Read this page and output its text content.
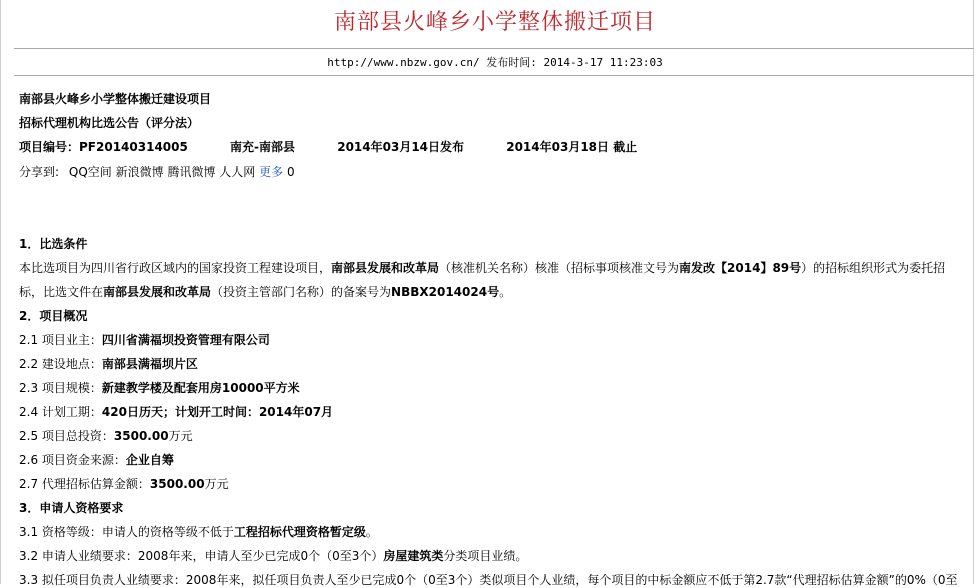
南部县火峰乡小学整体搬迁项目
http://www.nbzw.gov.cn/ 发布时间: 2014-3-17 11:23:03
南部县火峰乡小学整体搬迁建设项目
招标代理机构比选公告（评分法）
项目编号：PF20140314005	南充-南部县	2014年03月14日发布	2014年03月18日 截止
分享到: QQ空间 新浪微博 腾讯微博 人人网 更多 0
1．比选条件
本比选项目为四川省行政区域内的国家投资工程建设项目，南部县发展和改革局（核准机关名称）核准（招标事项核准文号为南发改【2014】89号）的招标组织形式为委托招标，比选文件在南部县发展和改革局（投资主管部门名称）的备案号为NBBX2014024号。
2．项目概况
2.1 项目业主：四川省满福坝投资管理有限公司
2.2 建设地点：南部县满福坝片区
2.3 项目规模：新建教学楼及配套用房10000平方米
2.4 计划工期：420日历天；计划开工时间：2014年07月
2.5 项目总投资：3500.00万元
2.6 项目资金来源：企业自筹
2.7 代理招标估算金额：3500.00万元
3．申请人资格要求
3.1 资格等级：申请人的资格等级不低于工程招标代理资格暂定级。
3.2 申请人业绩要求：2008年来，申请人至少已完成0个（0至3个）房屋建筑类分类项目业绩。
3.3 拟任项目负责人业绩要求：2008年来，拟任项目负责人至少已完成0个（0至3个）类似项目个人业绩，每个项目的中标金额应不低于第2.7款“代理招标估算金额”的0%（0至
